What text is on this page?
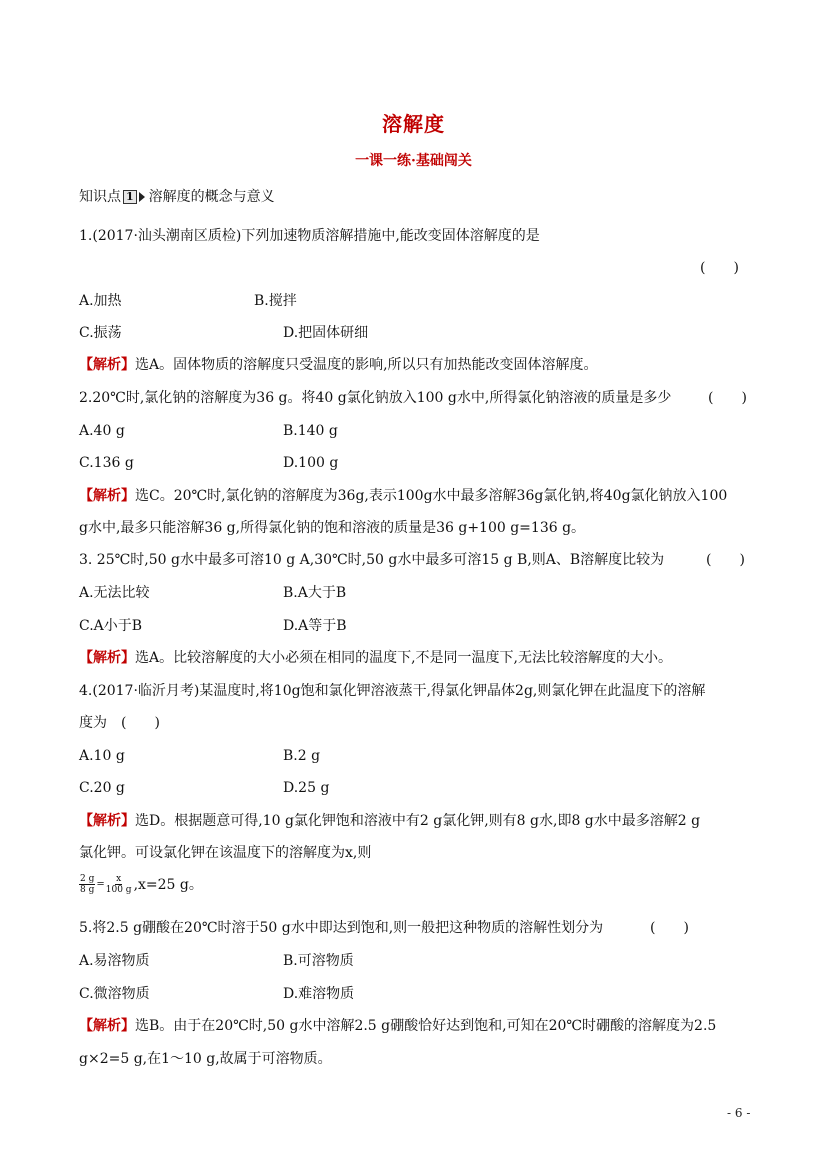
溶解度
一课一练·基础闯关
知识点 1 溶解度的概念与意义
1.(2017·汕头潮南区质检)下列加速物质溶解措施中,能改变固体溶解度的是
(　　)
A.加热	B.搅拌
C.振荡	D.把固体研细
【解析】选A。固体物质的溶解度只受温度的影响,所以只有加热能改变固体溶解度。
2.20℃时,氯化钠的溶解度为36 g。将40 g氯化钠放入100 g水中,所得氯化钠溶液的质量是多少	(　　)
A.40 g	B.140 g
C.136 g	D.100 g
【解析】选C。20℃时,氯化钠的溶解度为36g,表示100g水中最多溶解36g氯化钠,将40g氯化钠放入100
g水中,最多只能溶解36 g,所得氯化钠的饱和溶液的质量是36 g+100 g=136 g。
3. 25℃时,50 g水中最多可溶10 g A,30℃时,50 g水中最多可溶15 g B,则A、B溶解度比较为	(　　)
A.无法比较	B.A大于B
C.A小于B	D.A等于B
【解析】选A。比较溶解度的大小必须在相同的温度下,不是同一温度下,无法比较溶解度的大小。
4.(2017·临沂月考)某温度时,将10g饱和氯化钾溶液蒸干,得氯化钾晶体2g,则氯化钾在此温度下的溶解
度为　(　　)
A.10 g	B.2 g
C.20 g	D.25 g
【解析】选D。根据题意可得,10 g氯化钾饱和溶液中有2 g氯化钾,则有8 g水,即8 g水中最多溶解2 g
氯化钾。可设氯化钾在该温度下的溶解度为x,则
$\frac{2 g}{8 g} = \frac{x}{100 g} ,x=25$ g。
5.将2.5 g硼酸在20℃时溶于50 g水中即达到饱和,则一般把这种物质的溶解性划分为	(　　)
A.易溶物质	B.可溶物质
C.微溶物质	D.难溶物质
【解析】选B。由于在20℃时,50 g水中溶解2.5 g硼酸恰好达到饱和,可知在20℃时硼酸的溶解度为2.5
g×2=5 g,在1～10 g,故属于可溶物质。
- 6 -
